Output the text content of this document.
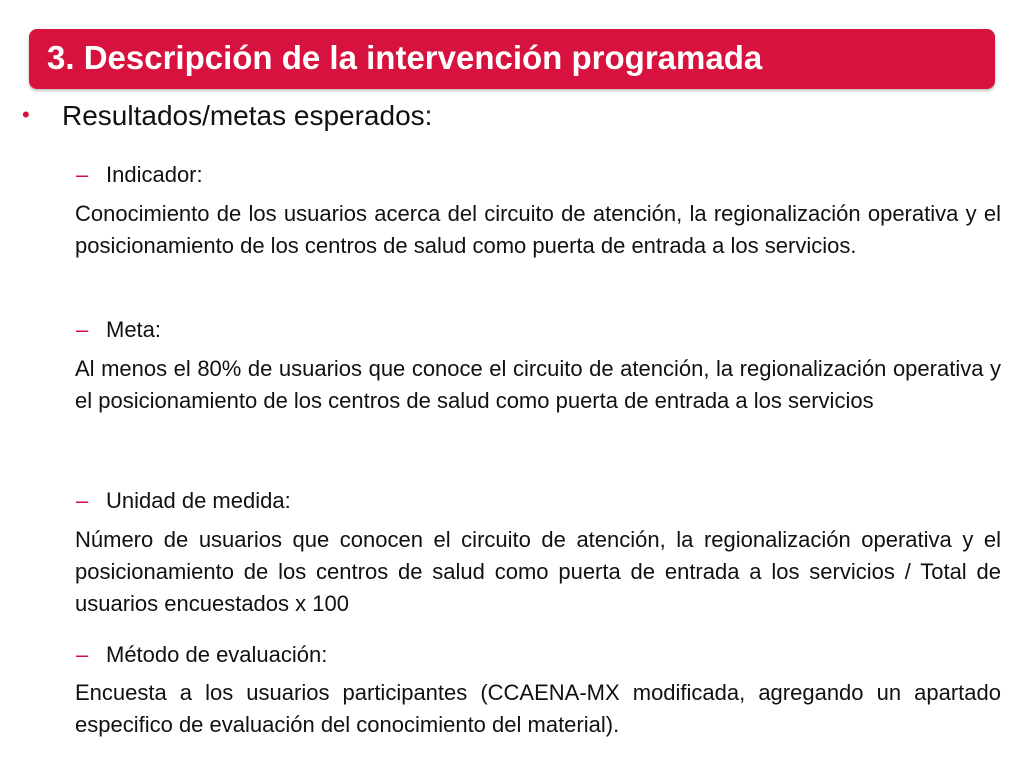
3. Descripción de la intervención programada
• Resultados/metas esperados:
– Indicador:
Conocimiento de los usuarios acerca del circuito de atención, la regionalización operativa y el posicionamiento de los centros de salud como puerta de entrada a los servicios.
– Meta:
Al menos el 80% de usuarios que conoce el circuito de atención, la regionalización operativa y el posicionamiento de los centros de salud como puerta de entrada a los servicios
– Unidad de medida:
Número de usuarios que conocen el circuito de atención, la regionalización operativa y el posicionamiento de los centros de salud como puerta de entrada a los servicios / Total de usuarios encuestados x 100
– Método de evaluación:
Encuesta a los usuarios participantes (CCAENA-MX modificada, agregando un apartado especifico de evaluación del conocimiento del material).
